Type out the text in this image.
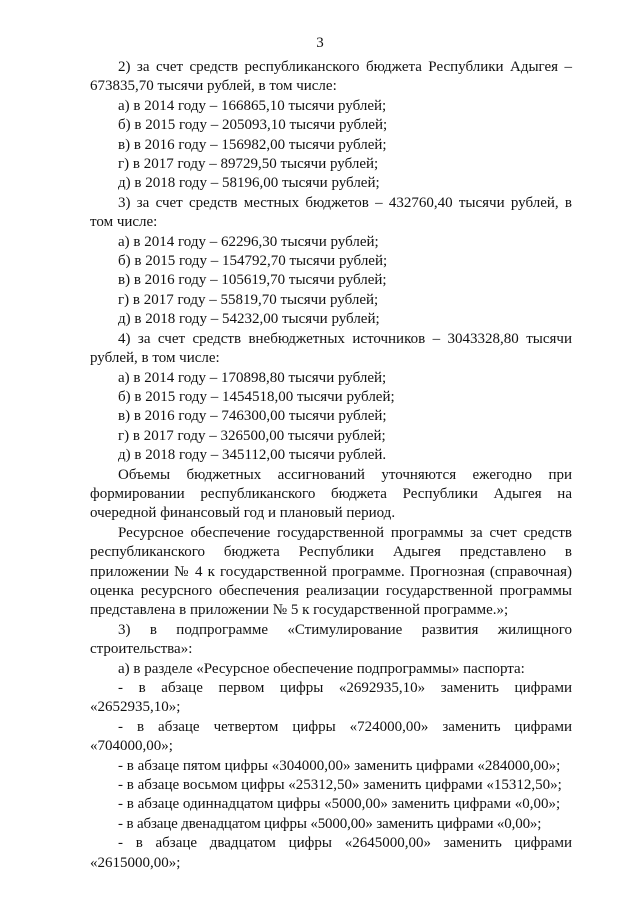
3

2) за счет средств республиканского бюджета Республики Адыгея – 673835,70 тысячи рублей, в том числе:

а) в 2014 году – 166865,10 тысячи рублей;

б) в 2015 году – 205093,10 тысячи рублей;

в) в 2016 году – 156982,00 тысячи рублей;

г) в 2017 году – 89729,50 тысячи рублей;

д) в 2018 году – 58196,00 тысячи рублей;

3) за счет средств местных бюджетов – 432760,40 тысячи рублей, в том числе:

а) в 2014 году – 62296,30 тысячи рублей;

б) в 2015 году – 154792,70 тысячи рублей;

в) в 2016 году – 105619,70 тысячи рублей;

г) в 2017 году – 55819,70 тысячи рублей;

д) в 2018 году – 54232,00 тысячи рублей;

4) за счет средств внебюджетных источников – 3043328,80 тысячи рублей, в том числе:

а) в 2014 году – 170898,80 тысячи рублей;

б) в 2015 году – 1454518,00 тысячи рублей;

в) в 2016 году – 746300,00 тысячи рублей;

г) в 2017 году – 326500,00 тысячи рублей;

д) в 2018 году – 345112,00 тысячи рублей.

Объемы бюджетных ассигнований уточняются ежегодно при формировании республиканского бюджета Республики Адыгея на очередной финансовый год и плановый период.

Ресурсное обеспечение государственной программы за счет средств республиканского бюджета Республики Адыгея представлено в приложении № 4 к государственной программе. Прогнозная (справочная) оценка ресурсного обеспечения реализации государственной программы представлена в приложении № 5 к государственной программе.»;

3) в подпрограмме «Стимулирование развития жилищного строительства»:

а) в разделе «Ресурсное обеспечение подпрограммы» паспорта:

- в абзаце первом цифры «2692935,10» заменить цифрами «2652935,10»;

- в абзаце четвертом цифры «724000,00» заменить цифрами «704000,00»;

- в абзаце пятом цифры «304000,00» заменить цифрами «284000,00»;

- в абзаце восьмом цифры «25312,50» заменить цифрами «15312,50»;

- в абзаце одиннадцатом цифры «5000,00» заменить цифрами «0,00»;

- в абзаце двенадцатом цифры «5000,00» заменить цифрами «0,00»;

- в абзаце двадцатом цифры «2645000,00» заменить цифрами «2615000,00»;
